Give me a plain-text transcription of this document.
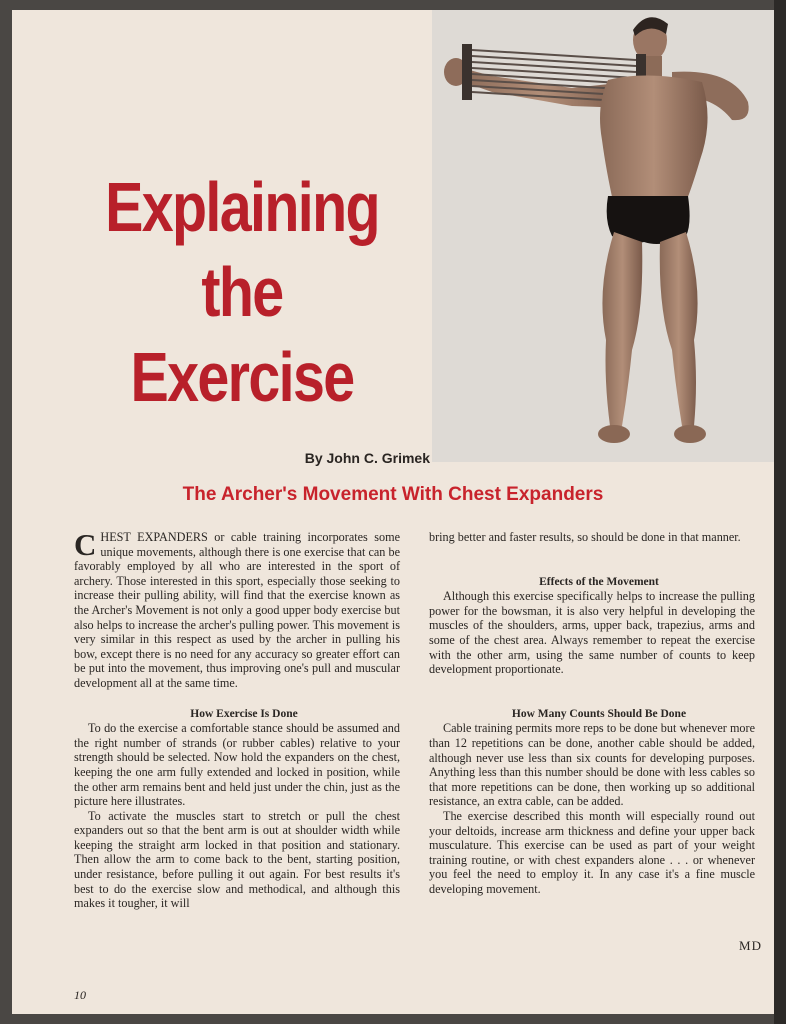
Explaining
the
Exercise
By John C. Grimek
The Archer's Movement With Chest Expanders

CHEST EXPANDERS or cable training incorporates some unique movements, although there is one exercise that can be favorably employed by all who are interested in the sport of archery. Those interested in this sport, especially those seeking to increase their pulling ability, will find that the exercise known as the Archer's Movement is not only a good upper body exercise but also helps to increase the archer's pulling power. This movement is very similar in this respect as used by the archer in pulling his bow, except there is no need for any accuracy so greater effort can be put into the movement, thus improving one's pull and muscular development all at the same time.

How Exercise Is Done

To do the exercise a comfortable stance should be assumed and the right number of strands (or rubber cables) relative to your strength should be selected. Now hold the expanders on the chest, keeping the one arm fully extended and locked in position, while the other arm remains bent and held just under the chin, just as the picture here illustrates.

To activate the muscles start to stretch or pull the chest expanders out so that the bent arm is out at shoulder width while keeping the straight arm locked in that position and stationary. Then allow the arm to come back to the bent, starting position, under resistance, before pulling it out again. For best results it's best to do the exercise slow and methodical, and although this makes it tougher, it will

bring better and faster results, so should be done in that manner.

Effects of the Movement

Although this exercise specifically helps to increase the pulling power for the bowsman, it is also very helpful in developing the muscles of the shoulders, arms, upper back, trapezius, arms and some of the chest area. Always remember to repeat the exercise with the other arm, using the same number of counts to keep development proportionate.

How Many Counts Should Be Done

Cable training permits more reps to be done but whenever more than 12 repetitions can be done, another cable should be added, although never use less than six counts for developing purposes. Anything less than this number should be done with less cables so that more repetitions can be done, then working up so additional resistance, an extra cable, can be added.

The exercise described this month will especially round out your deltoids, increase arm thickness and define your upper back musculature. This exercise can be used as part of your weight training routine, or with chest expanders alone . . . or whenever you feel the need to employ it. In any case it's a fine muscle developing movement.

MD
10
